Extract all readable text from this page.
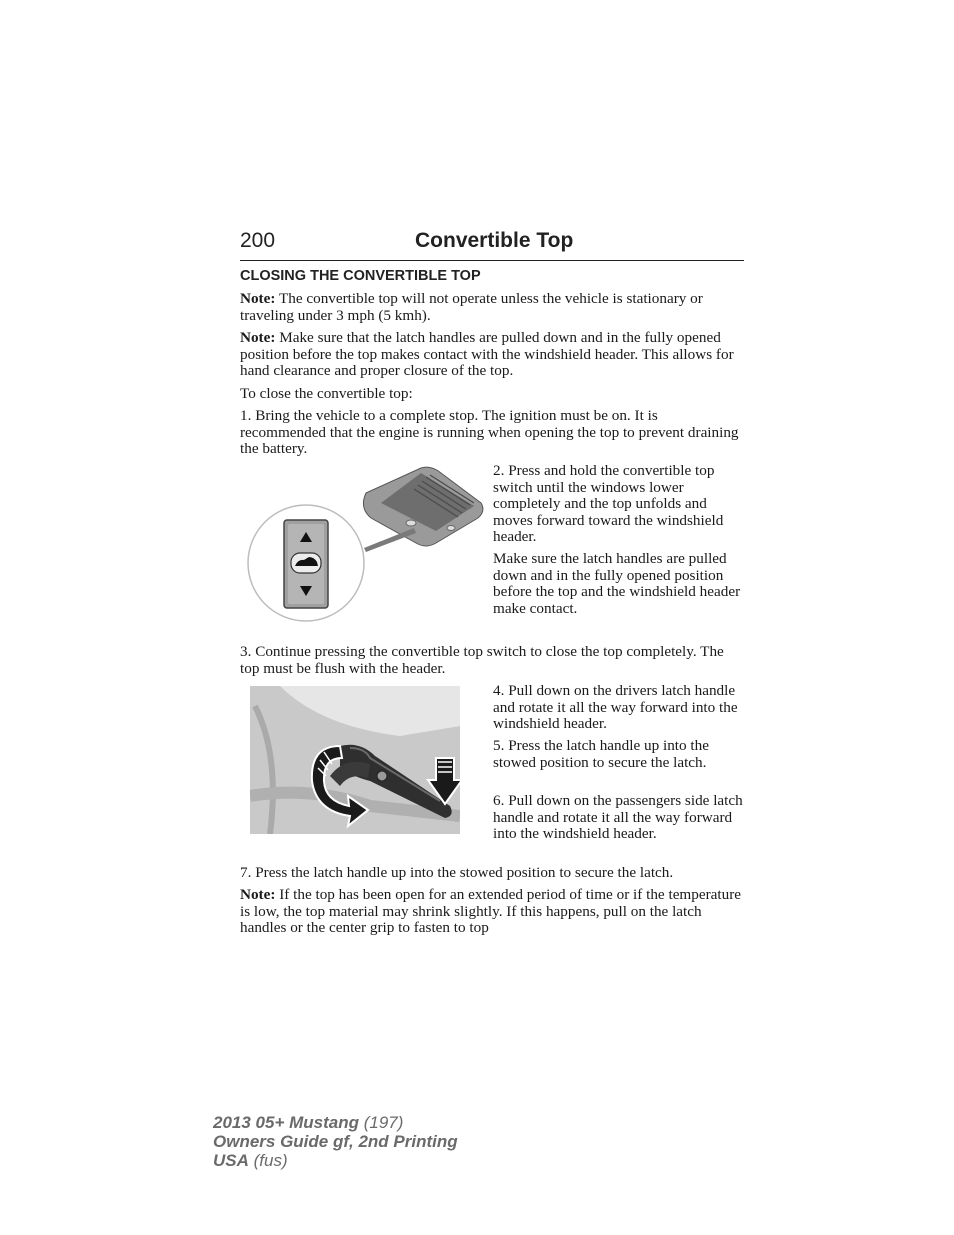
200	Convertible Top
CLOSING THE CONVERTIBLE TOP

Note: The convertible top will not operate unless the vehicle is stationary or traveling under 3 mph (5 kmh).

Note: Make sure that the latch handles are pulled down and in the fully opened position before the top makes contact with the windshield header. This allows for hand clearance and proper closure of the top.

To close the convertible top:

1. Bring the vehicle to a complete stop. The ignition must be on. It is recommended that the engine is running when opening the top to prevent draining the battery.

2. Press and hold the convertible top switch until the windows lower completely and the top unfolds and moves forward toward the windshield header.

Make sure the latch handles are pulled down and in the fully opened position before the top and the windshield header make contact.

3. Continue pressing the convertible top switch to close the top completely. The top must be flush with the header.

4. Pull down on the drivers latch handle and rotate it all the way forward into the windshield header.

5. Press the latch handle up into the stowed position to secure the latch.

6. Pull down on the passengers side latch handle and rotate it all the way forward into the windshield header.

7. Press the latch handle up into the stowed position to secure the latch.

Note: If the top has been open for an extended period of time or if the temperature is low, the top material may shrink slightly. If this happens, pull on the latch handles or the center grip to fasten to top

2013 05+ Mustang (197)
Owners Guide gf, 2nd Printing
USA (fus)
